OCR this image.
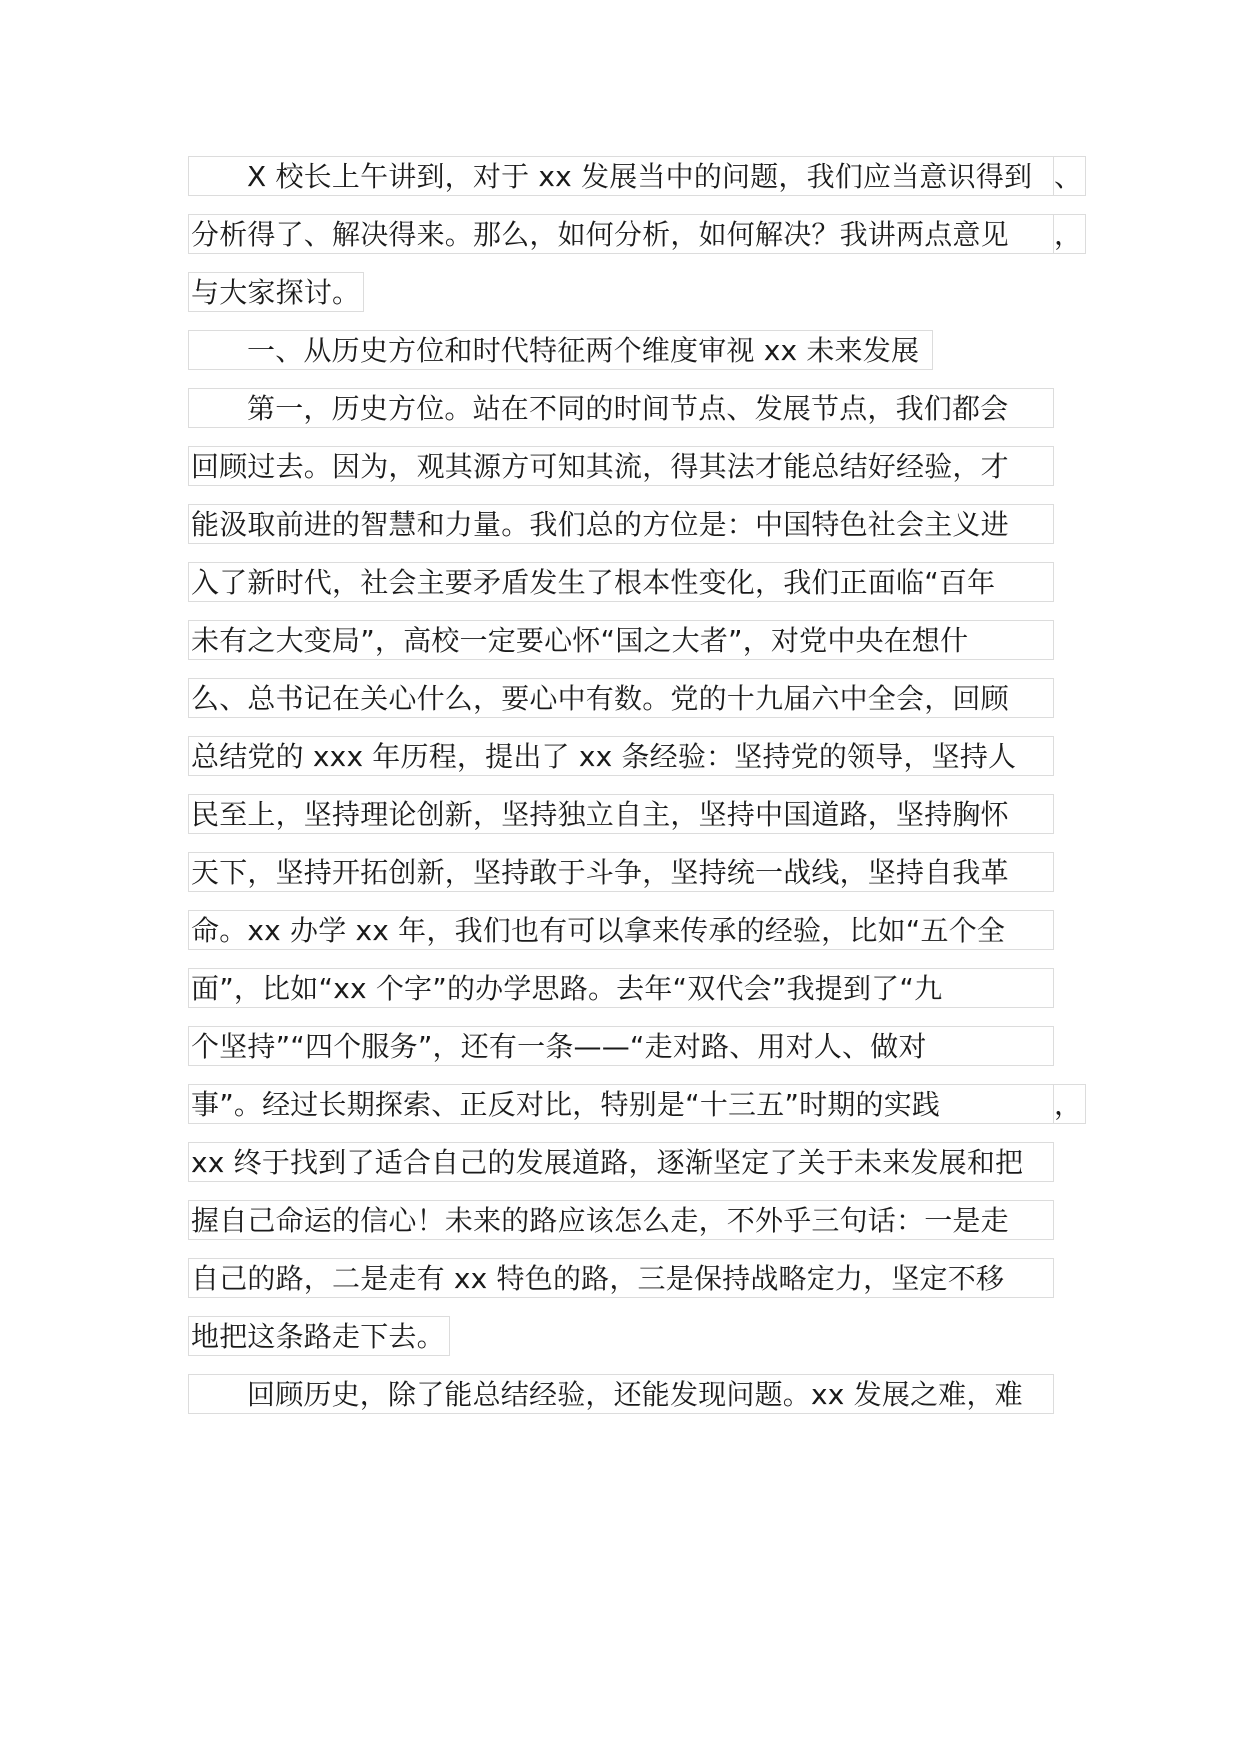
X 校长上午讲到，对于 xx 发展当中的问题，我们应当意识得到 、
分析得了、解决得来。那么，如何分析，如何解决？我讲两点意见	，
与大家探讨。
一、从历史方位和时代特征两个维度审视 xx 未来发展
第一，历史方位。站在不同的时间节点、发展节点，我们都会
回顾过去。因为，观其源方可知其流，得其法才能总结好经验，才
能汲取前进的智慧和力量。我们总的方位是：中国特色社会主义进
入了新时代，社会主要矛盾发生了根本性变化，我们正面临“百年
未有之大变局”，高校一定要心怀“国之大者”，对党中央在想什
么、总书记在关心什么，要心中有数。党的十九届六中全会，回顾
总结党的 xxx 年历程，提出了 xx 条经验：坚持党的领导，坚持人
民至上，坚持理论创新，坚持独立自主，坚持中国道路，坚持胸怀
天下，坚持开拓创新，坚持敢于斗争，坚持统一战线，坚持自我革
命。xx 办学 xx 年，我们也有可以拿来传承的经验，比如“五个全
面”，比如“xx 个字”的办学思路。去年“双代会”我提到了“九
个坚持”“四个服务”，还有一条——“走对路、用对人、做对
事”。经过长期探索、正反对比，特别是“十三五”时期的实践	，
xx 终于找到了适合自己的发展道路，逐渐坚定了关于未来发展和把
握自己命运的信心！未来的路应该怎么走，不外乎三句话：一是走
自己的路，二是走有 xx 特色的路，三是保持战略定力，坚定不移
地把这条路走下去。
回顾历史，除了能总结经验，还能发现问题。xx 发展之难，难
